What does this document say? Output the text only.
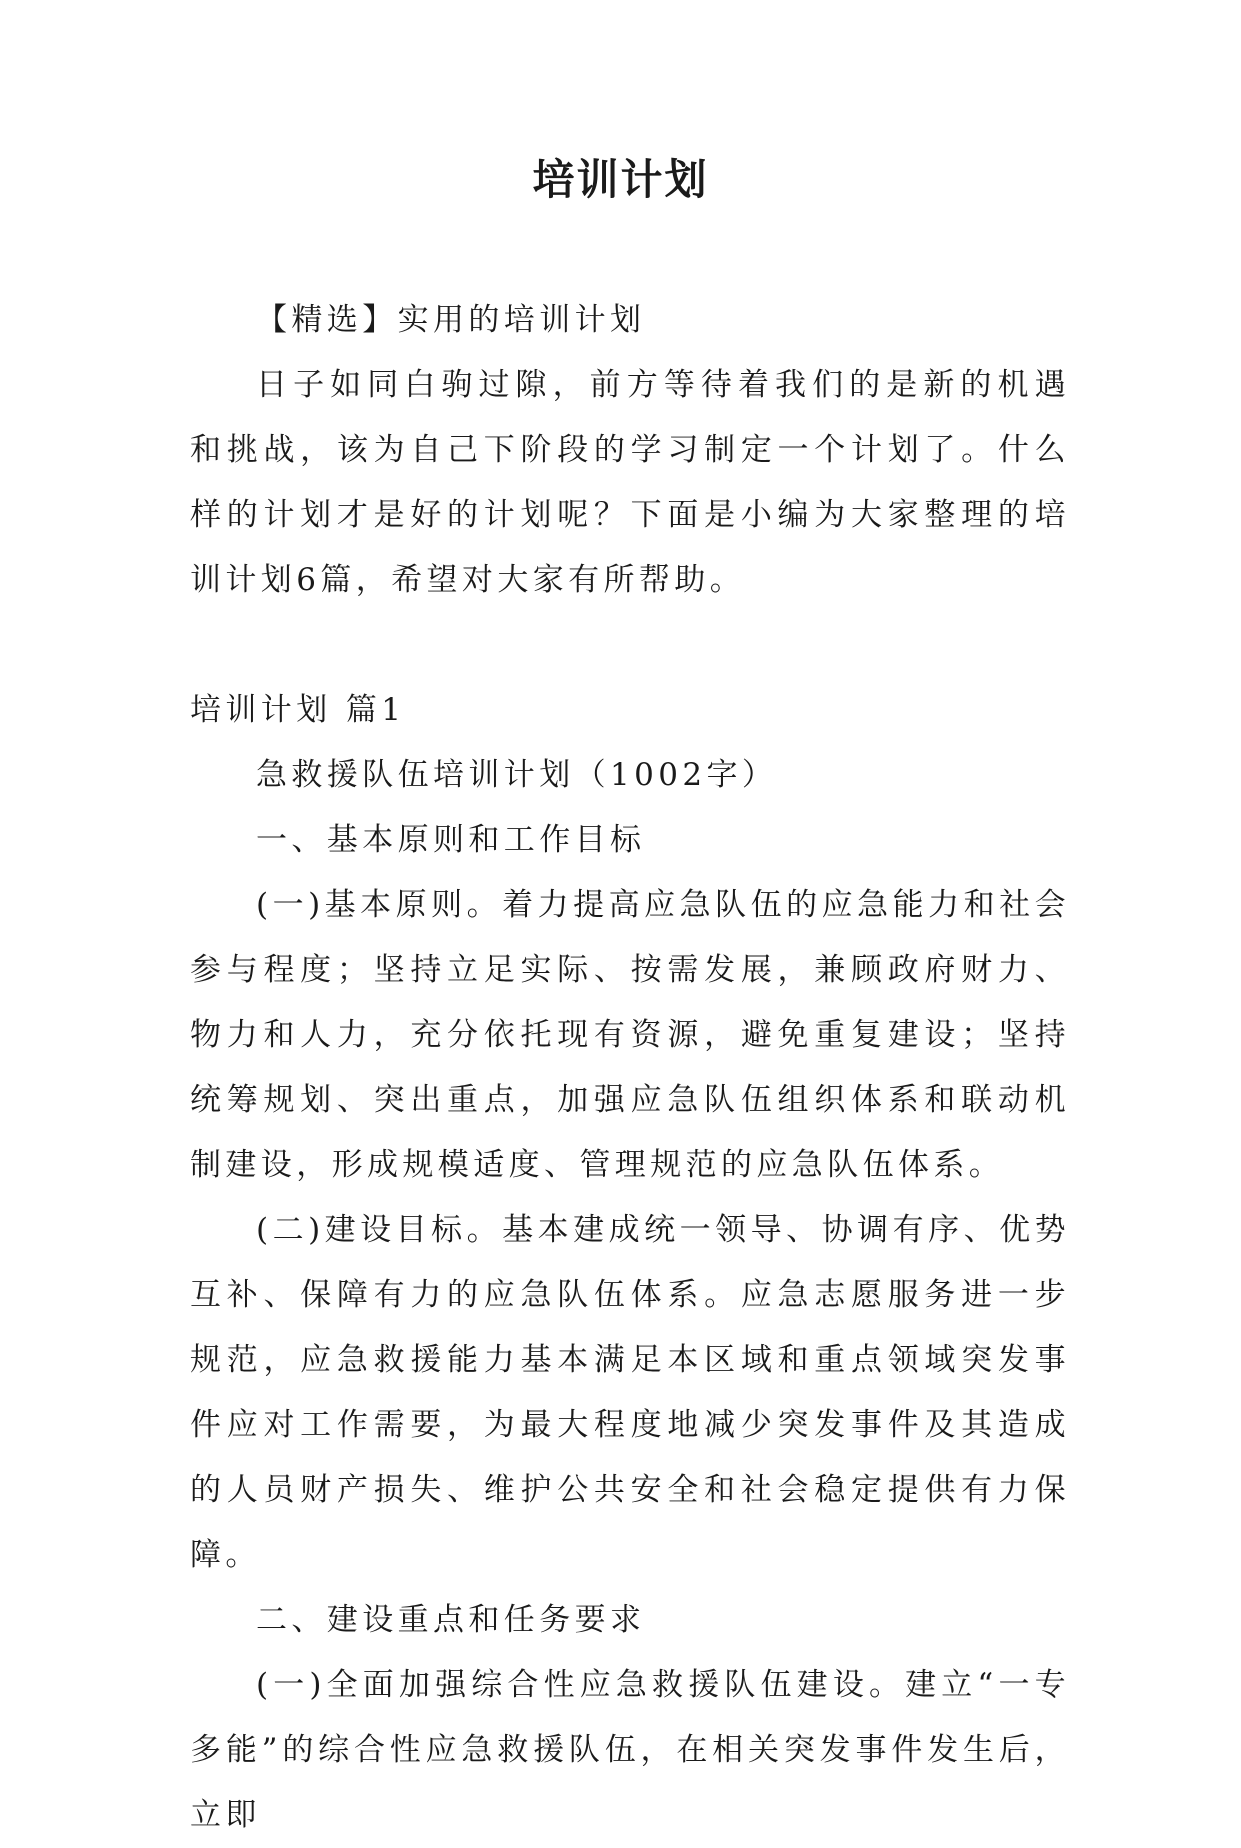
培训计划

【精选】实用的培训计划

日子如同白驹过隙，前方等待着我们的是新的机遇和挑战，该为自己下阶段的学习制定一个计划了。什么样的计划才是好的计划呢？下面是小编为大家整理的培训计划6篇，希望对大家有所帮助。

培训计划 篇1

急救援队伍培训计划（1002字）

一、基本原则和工作目标

(一)基本原则。着力提高应急队伍的应急能力和社会参与程度；坚持立足实际、按需发展，兼顾政府财力、物力和人力，充分依托现有资源，避免重复建设；坚持统筹规划、突出重点，加强应急队伍组织体系和联动机制建设，形成规模适度、管理规范的应急队伍体系。

(二)建设目标。基本建成统一领导、协调有序、优势互补、保障有力的应急队伍体系。应急志愿服务进一步规范，应急救援能力基本满足本区域和重点领域突发事件应对工作需要，为最大程度地减少突发事件及其造成的人员财产损失、维护公共安全和社会稳定提供有力保障。

二、建设重点和任务要求

(一)全面加强综合性应急救援队伍建设。建立“一专多能”的综合性应急救援队伍，在相关突发事件发生后，立即
